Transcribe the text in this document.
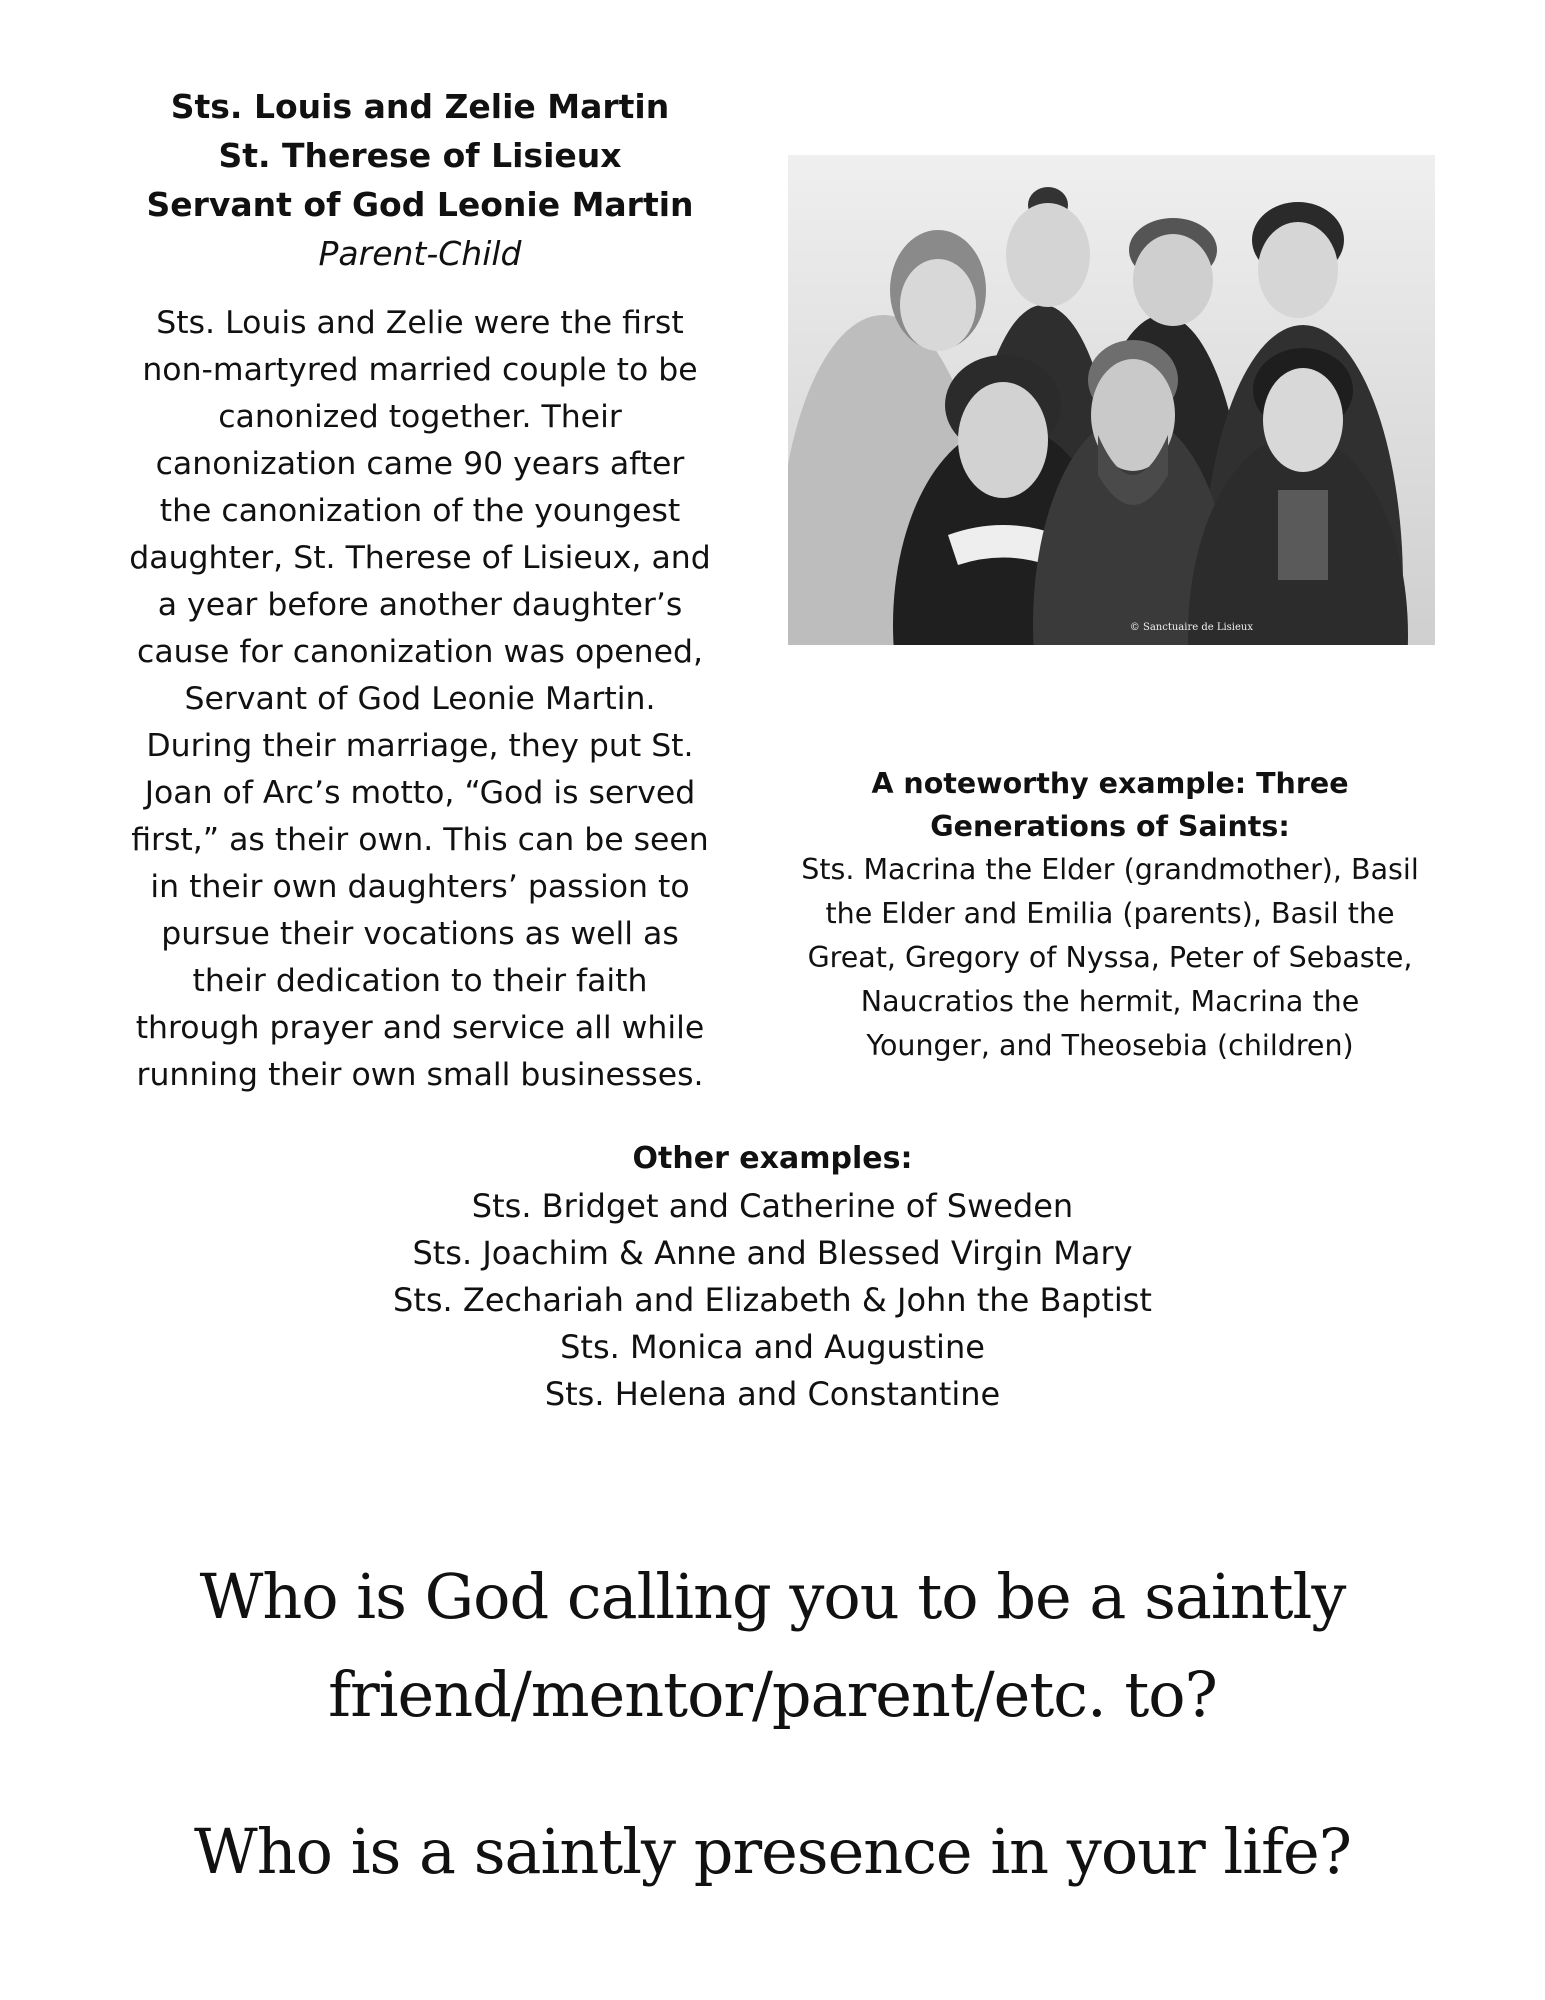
Sts. Louis and Zelie Martin

St. Therese of Lisieux

Servant of God Leonie Martin

Parent-Child

Sts. Louis and Zelie were the first

non-martyred married couple to be

canonized together. Their

canonization came 90 years after

the canonization of the youngest

daughter, St. Therese of Lisieux, and

a year before another daughter’s

cause for canonization was opened,

Servant of God Leonie Martin.

During their marriage, they put St.

Joan of Arc’s motto, “God is served

first,” as their own. This can be seen

in their own daughters’ passion to

pursue their vocations as well as

their dedication to their faith

through prayer and service all while

running their own small businesses.

© Sanctuaire de Lisieux

A noteworthy example: Three

Generations of Saints:

Sts. Macrina the Elder (grandmother), Basil

the Elder and Emilia (parents), Basil the

Great, Gregory of Nyssa, Peter of Sebaste,

Naucratios the hermit, Macrina the

Younger, and Theosebia (children)

Other examples:

Sts. Bridget and Catherine of Sweden

Sts. Joachim & Anne and Blessed Virgin Mary

Sts. Zechariah and Elizabeth & John the Baptist

Sts. Monica and Augustine

Sts. Helena and Constantine

Who is God calling you to be a saintly
friend/mentor/parent/etc. to?
Who is a saintly presence in your life?
